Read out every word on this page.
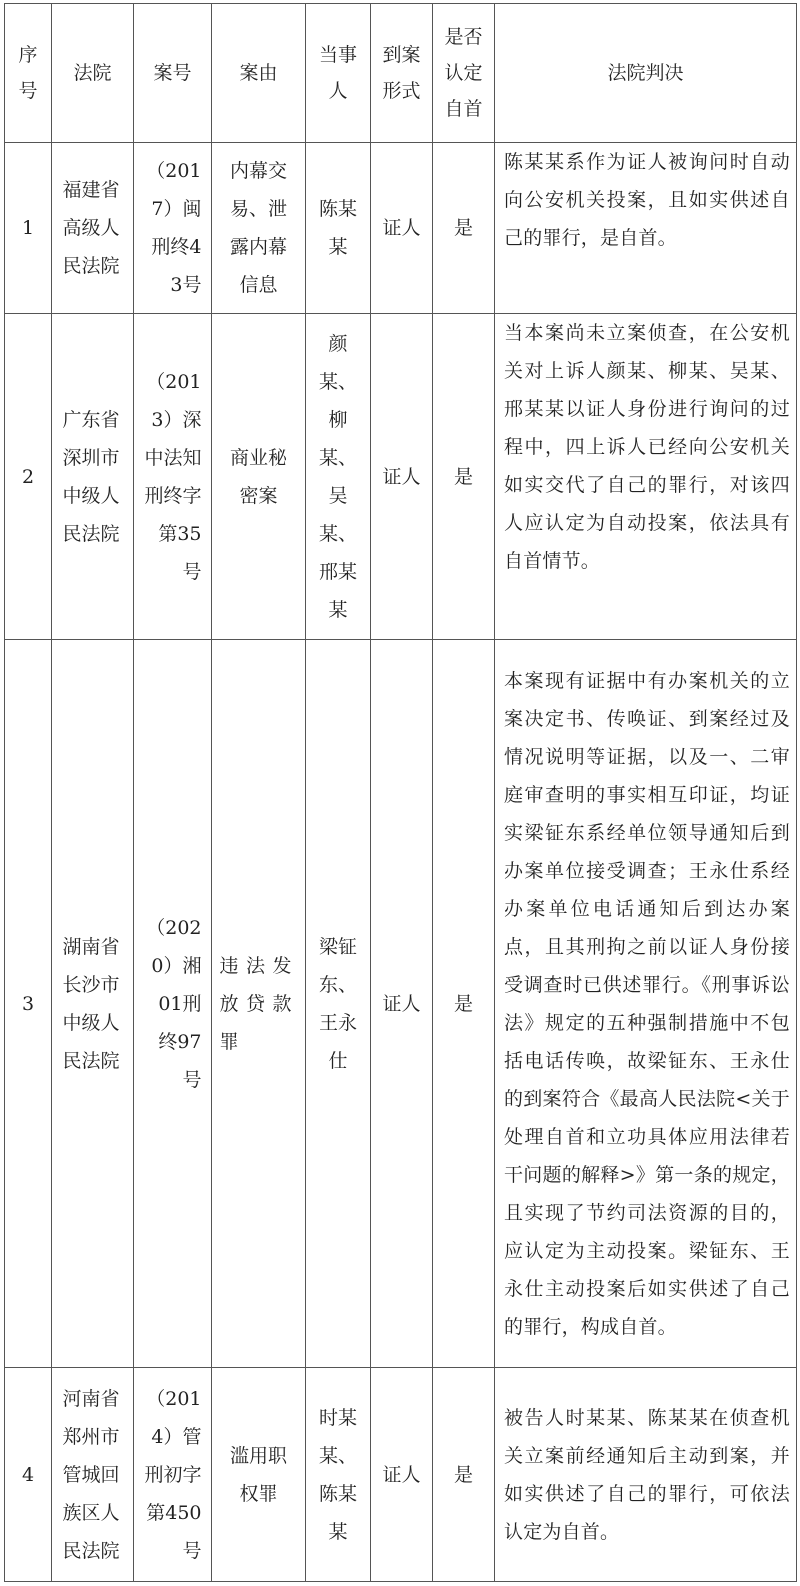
序号	法院	案号	案由	当事人	到案形式	是否认定自首	法院判决
1	福建省高级人民法院	（2017）闽刑终43号	内幕交易、泄露内幕信息	陈某某	证人	是	陈某某系作为证人被询问时自动向公安机关投案，且如实供述自己的罪行，是自首。
2	广东省深圳市中级人民法院	（2013）深中法知刑终字第35号	商业秘密案	颜某、柳某、吴某、邢某某	证人	是	当本案尚未立案侦查，在公安机关对上诉人颜某、柳某、吴某、邢某某以证人身份进行询问的过程中，四上诉人已经向公安机关如实交代了自己的罪行，对该四人应认定为自动投案，依法具有自首情节。
3	湖南省长沙市中级人民法院	（2020）湘01刑终97号	违法发放贷款罪	梁钲东、王永仕	证人	是	本案现有证据中有办案机关的立案决定书、传唤证、到案经过及情况说明等证据，以及一、二审庭审查明的事实相互印证，均证实梁钲东系经单位领导通知后到办案单位接受调查；王永仕系经办案单位电话通知后到达办案点，且其刑拘之前以证人身份接受调查时已供述罪行。《刑事诉讼法》规定的五种强制措施中不包括电话传唤，故梁钲东、王永仕的到案符合《最高人民法院<关于处理自首和立功具体应用法律若干问题的解释>》第一条的规定，且实现了节约司法资源的目的，应认定为主动投案。梁钲东、王永仕主动投案后如实供述了自己的罪行，构成自首。
4	河南省郑州市管城回族区人民法院	（2014）管刑初字第450号	滥用职权罪	时某某、陈某某	证人	是	被告人时某某、陈某某在侦查机关立案前经通知后主动到案，并如实供述了自己的罪行，可依法认定为自首。
